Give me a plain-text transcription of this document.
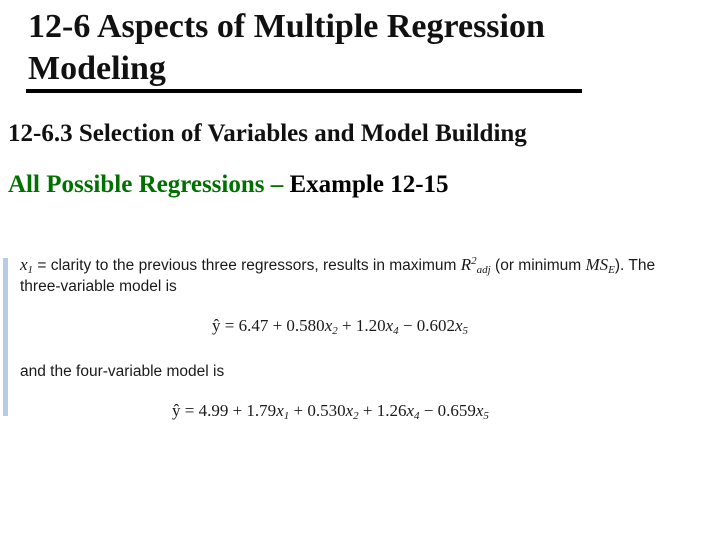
12-6 Aspects of Multiple Regression
Modeling
12-6.3 Selection of Variables and Model Building
All Possible Regressions – Example 12-15
$x_1$ = clarity to the previous three regressors, results in maximum $R^2_{adj}$ (or minimum $MS_E$). The
three-variable model is
and the four-variable model is
ŷ = $6.47 + 0.580x_2 + 1.20x_4 - 0.602x_5$
ŷ = $4.99 + 1.79x_1 + 0.530x_2 + 1.26x_4 - 0.659x_5$
